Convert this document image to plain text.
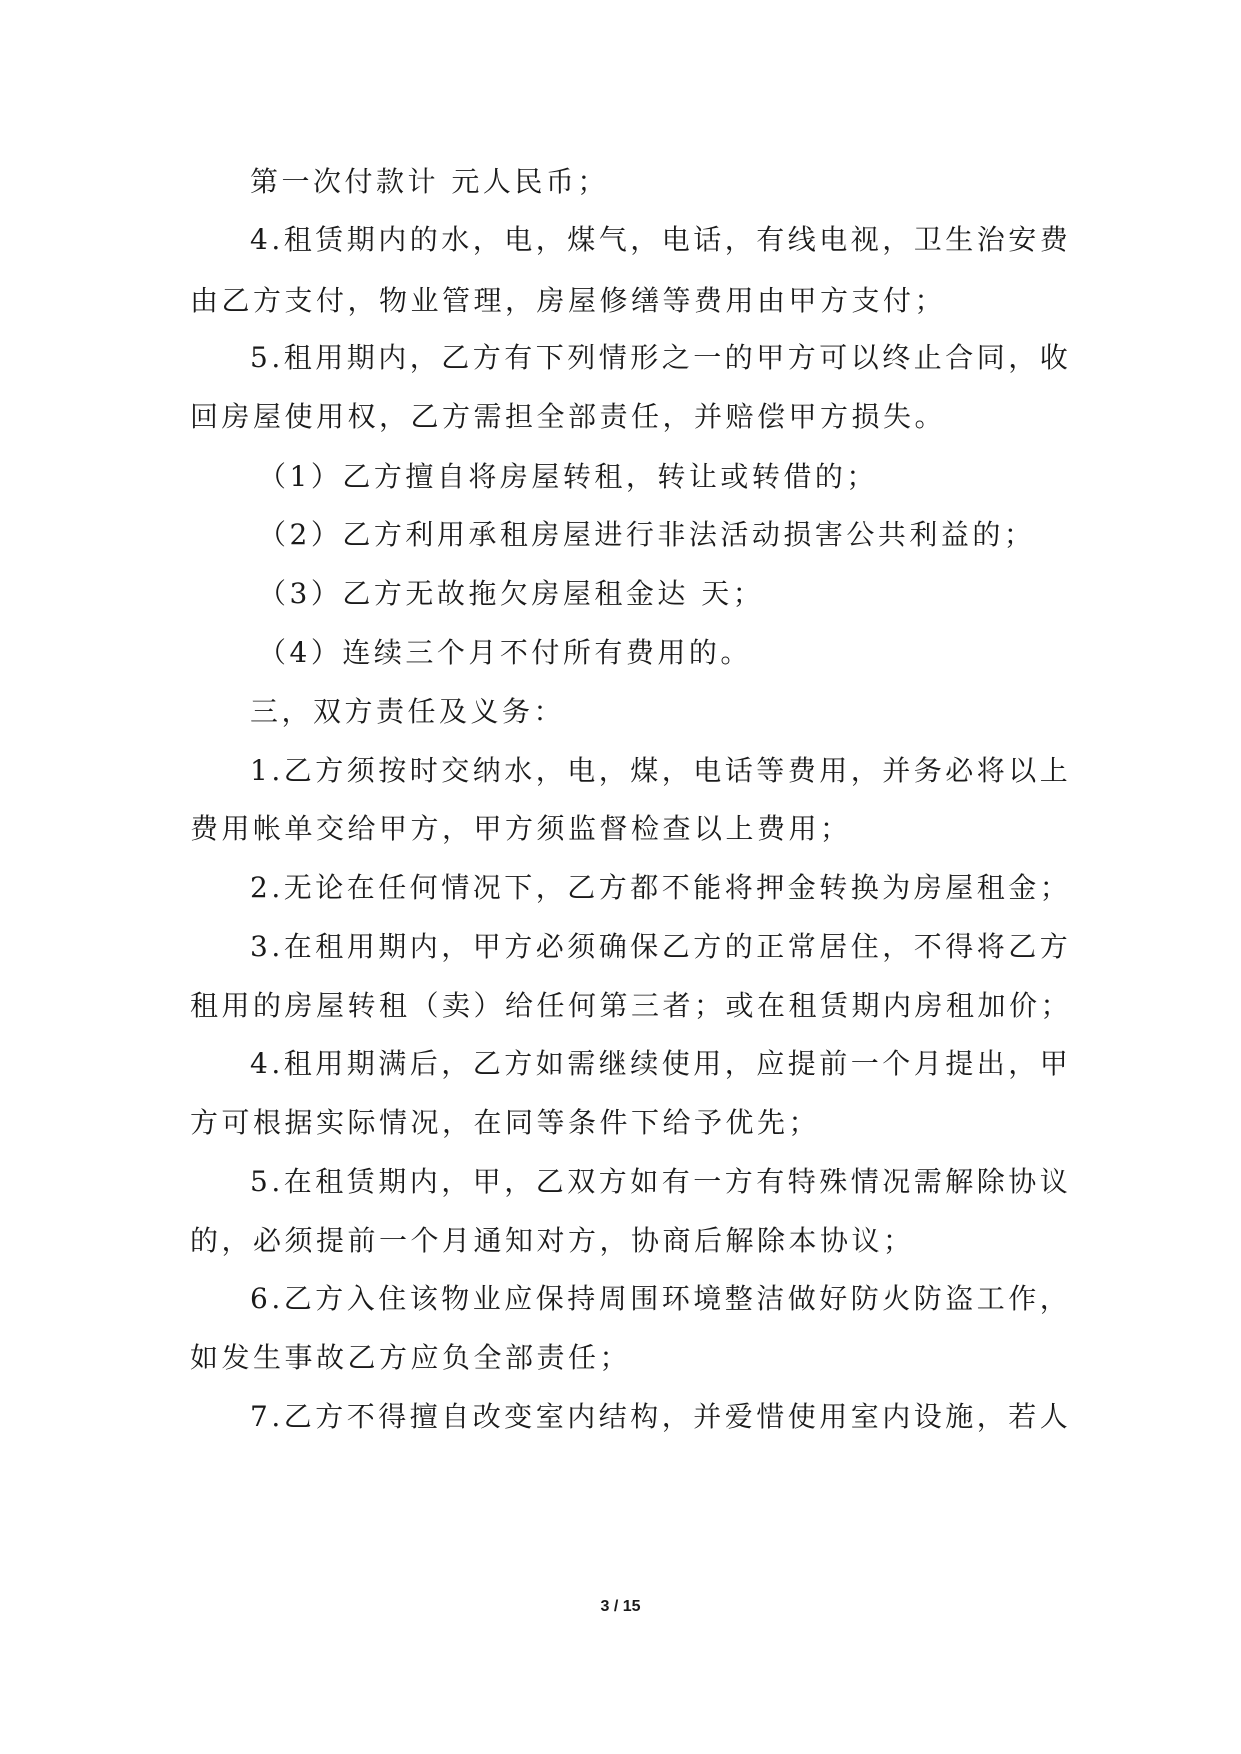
第一次付款计 元人民币；
4.租赁期内的水，电，煤气，电话，有线电视，卫生治安费
由乙方支付，物业管理，房屋修缮等费用由甲方支付；
5.租用期内，乙方有下列情形之一的甲方可以终止合同，收
回房屋使用权，乙方需担全部责任，并赔偿甲方损失。
（1）乙方擅自将房屋转租，转让或转借的；
（2）乙方利用承租房屋进行非法活动损害公共利益的；
（3）乙方无故拖欠房屋租金达 天；
（4）连续三个月不付所有费用的。
三，双方责任及义务：
1.乙方须按时交纳水，电，煤，电话等费用，并务必将以上
费用帐单交给甲方，甲方须监督检查以上费用；
2.无论在任何情况下，乙方都不能将押金转换为房屋租金；
3.在租用期内，甲方必须确保乙方的正常居住，不得将乙方
租用的房屋转租（卖）给任何第三者；或在租赁期内房租加价；
4.租用期满后，乙方如需继续使用，应提前一个月提出，甲
方可根据实际情况，在同等条件下给予优先；
5.在租赁期内，甲，乙双方如有一方有特殊情况需解除协议
的，必须提前一个月通知对方，协商后解除本协议；
6.乙方入住该物业应保持周围环境整洁做好防火防盗工作，
如发生事故乙方应负全部责任；
7.乙方不得擅自改变室内结构，并爱惜使用室内设施，若人
3 / 15
